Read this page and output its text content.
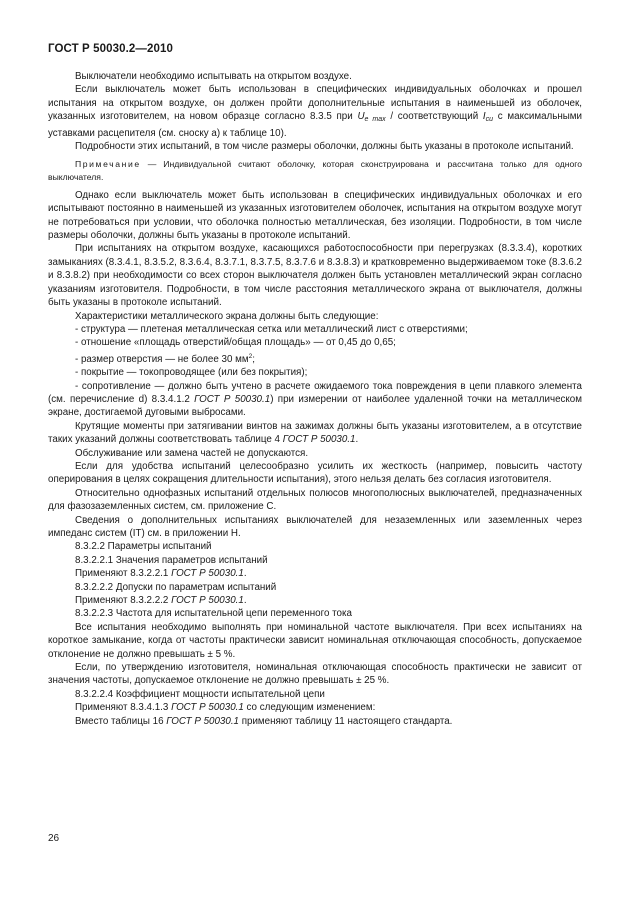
ГОСТ Р 50030.2—2010

Выключатели необходимо испытывать на открытом воздухе.

Если выключатель может быть использован в специфических индивидуальных оболочках и прошел испытания на открытом воздухе, он должен пройти дополнительные испытания в наименьшей из оболочек, указанных изготовителем, на новом образце согласно 8.3.5 при $U_{e max}$ / соответствующий $I_{cu}$ с максимальными уставками расцепителя (см. сноску а) к таблице 10).

Подробности этих испытаний, в том числе размеры оболочки, должны быть указаны в протоколе испытаний.

Примечание — Индивидуальной считают оболочку, которая сконструирована и рассчитана только для одного выключателя.

Однако если выключатель может быть использован в специфических индивидуальных оболочках и его испытывают постоянно в наименьшей из указанных изготовителем оболочек, испытания на открытом воздухе могут не потребоваться при условии, что оболочка полностью металлическая, без изоляции. Подробности, в том числе размеры оболочки, должны быть указаны в протоколе испытаний.

При испытаниях на открытом воздухе, касающихся работоспособности при перегрузках (8.3.3.4), коротких замыканиях (8.3.4.1, 8.3.5.2, 8.3.6.4, 8.3.7.1, 8.3.7.5, 8.3.7.6 и 8.3.8.3) и кратковременно выдерживаемом токе (8.3.6.2 и 8.3.8.2) при необходимости со всех сторон выключателя должен быть установлен металлический экран согласно указаниям изготовителя. Подробности, в том числе расстояния металлического экрана от выключателя, должны быть указаны в протоколе испытаний.

Характеристики металлического экрана должны быть следующие:

- структура — плетеная металлическая сетка или металлический лист с отверстиями;

- отношение «площадь отверстий/общая площадь» — от 0,45 до 0,65;

- размер отверстия — не более 30 $мм^2$;

- покрытие — токопроводящее (или без покрытия);

- сопротивление — должно быть учтено в расчете ожидаемого тока повреждения в цепи плавкого элемента (см. перечисление d) 8.3.4.1.2 ГОСТ Р 50030.1) при измерении от наиболее удаленной точки на металлическом экране, достигаемой дуговыми выбросами.

Крутящие моменты при затягивании винтов на зажимах должны быть указаны изготовителем, а в отсутствие таких указаний должны соответствовать таблице 4 ГОСТ Р 50030.1.

Обслуживание или замена частей не допускаются.

Если для удобства испытаний целесообразно усилить их жесткость (например, повысить частоту оперирования в целях сокращения длительности испытания), этого нельзя делать без согласия изготовителя.

Относительно однофазных испытаний отдельных полюсов многополюсных выключателей, предназначенных для фазозаземленных систем, см. приложение С.

Сведения о дополнительных испытаниях выключателей для незаземленных или заземленных через импеданс систем (IT) см. в приложении Н.

8.3.2.2 Параметры испытаний

8.3.2.2.1 Значения параметров испытаний

Применяют 8.3.2.2.1 ГОСТ Р 50030.1.

8.3.2.2.2 Допуски по параметрам испытаний

Применяют 8.3.2.2.2 ГОСТ Р 50030.1.

8.3.2.2.3 Частота для испытательной цепи переменного тока

Все испытания необходимо выполнять при номинальной частоте выключателя. При всех испытаниях на короткое замыкание, когда от частоты практически зависит номинальная отключающая способность, допускаемое отклонение не должно превышать ± 5 %.

Если, по утверждению изготовителя, номинальная отключающая способность практически не зависит от значения частоты, допускаемое отклонение не должно превышать ± 25 %.

8.3.2.2.4 Коэффициент мощности испытательной цепи

Применяют 8.3.4.1.3 ГОСТ Р 50030.1 со следующим изменением:

Вместо таблицы 16 ГОСТ Р 50030.1 применяют таблицу 11 настоящего стандарта.

26
